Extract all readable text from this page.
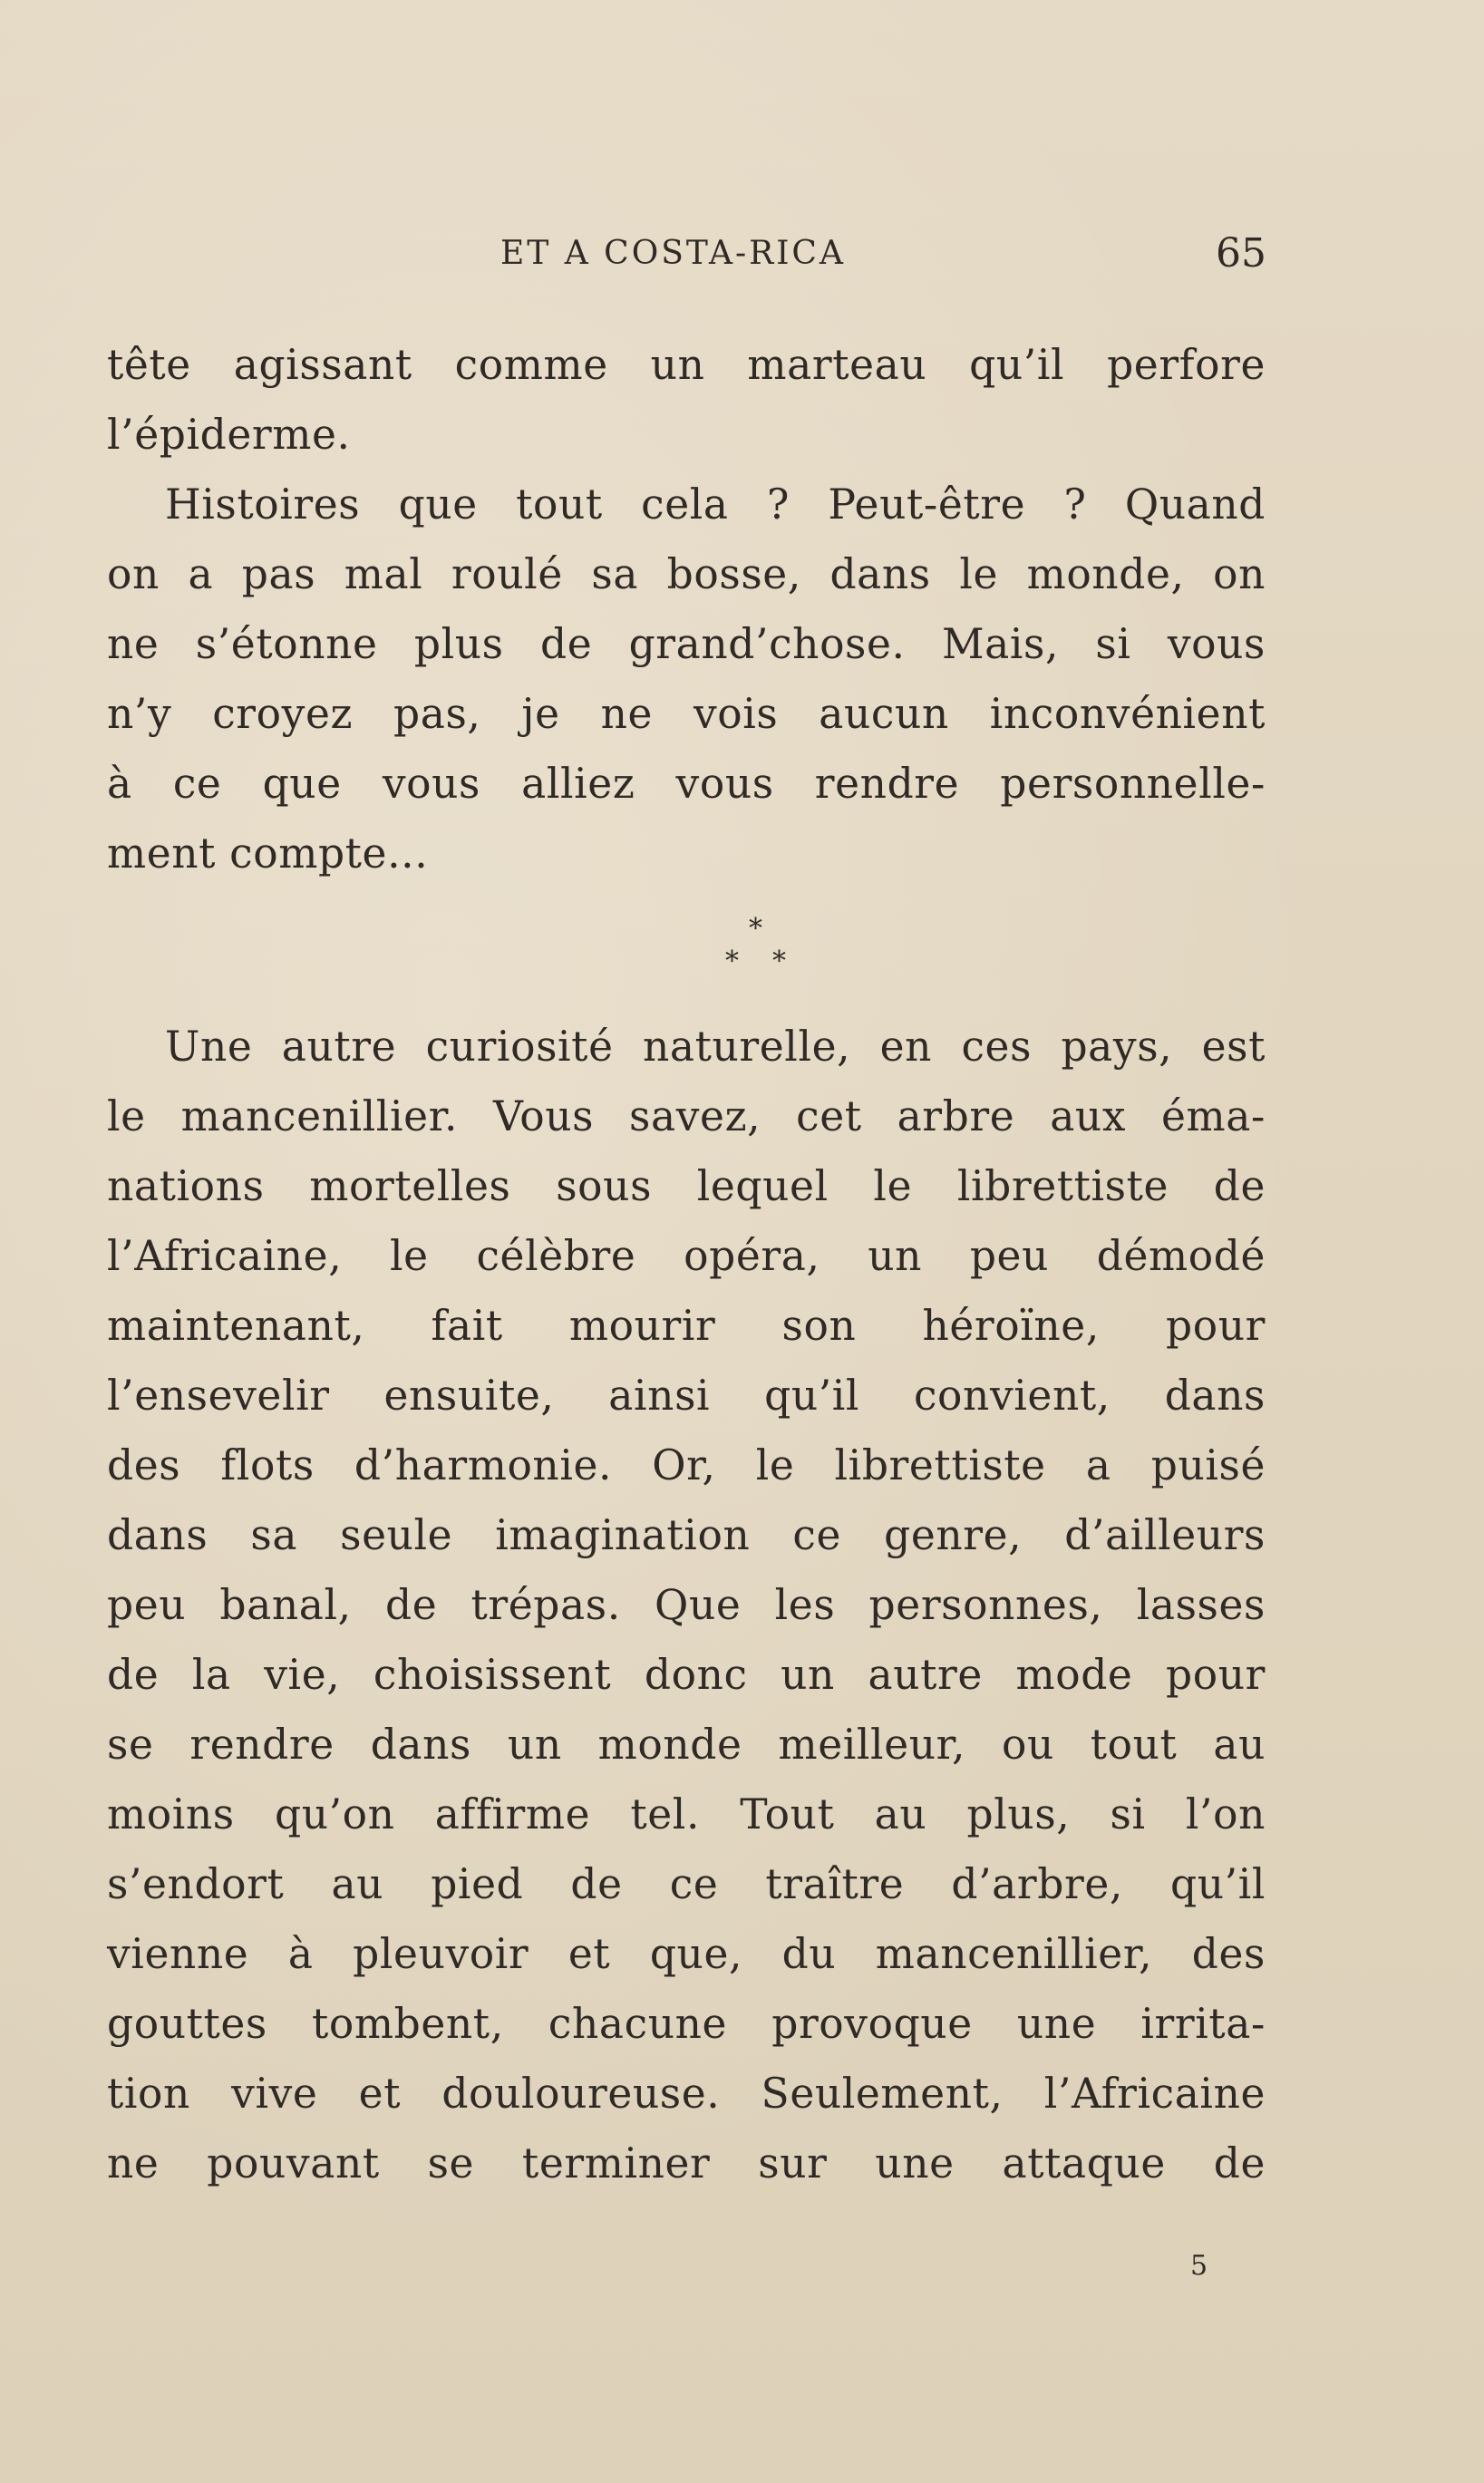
ET A COSTA-RICA	65
tête agissant comme un marteau qu’il perfore
l’épiderme.
Histoires que tout cela ? Peut-être ? Quand
on a pas mal roulé sa bosse, dans le monde, on
ne s’étonne plus de grand’chose. Mais, si vous
n’y croyez pas, je ne vois aucun inconvénient
à ce que vous alliez vous rendre personnelle-
ment compte...
*
* *
Une autre curiosité naturelle, en ces pays, est
le mancenillier. Vous savez, cet arbre aux éma-
nations mortelles sous lequel le librettiste de
l’Africaine, le célèbre opéra, un peu démodé
maintenant, fait mourir son héroïne, pour
l’ensevelir ensuite, ainsi qu’il convient, dans
des flots d’harmonie. Or, le librettiste a puisé
dans sa seule imagination ce genre, d’ailleurs
peu banal, de trépas. Que les personnes, lasses
de la vie, choisissent donc un autre mode pour
se rendre dans un monde meilleur, ou tout au
moins qu’on affirme tel. Tout au plus, si l’on
s’endort au pied de ce traître d’arbre, qu’il
vienne à pleuvoir et que, du mancenillier, des
gouttes tombent, chacune provoque une irrita-
tion vive et douloureuse. Seulement, l’Africaine
ne pouvant se terminer sur une attaque de
5
